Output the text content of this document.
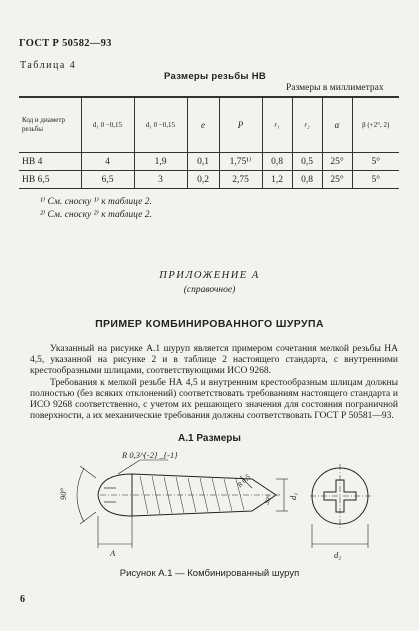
ГОСТ Р 50582—93
Таблица 4
Размеры резьбы НВ
Размеры в миллиметрах
Код и диаметр резьбы	d₁ 0 −0,15	d₁ 0 −0,15	e	P	r₁	r₂	α	β (+2°, 2)
НВ 4	4	1,9	0,1	1,75¹⁾	0,8	0,5	25°	5°
НВ 6,5	6,5	3	0,2	2,75	1,2	0,8	25°	5°
¹⁾ См. сноску ¹⁾ к таблице 2.
²⁾ См. сноску ²⁾ к таблице 2.
ПРИЛОЖЕНИЕ А
(справочное)
ПРИМЕР КОМБИНИРОВАННОГО ШУРУПА
Указанный на рисунке А.1 шуруп является примером сочетания мелкой резьбы НА 4,5, указанной на рисунке 2 и в таблице 2 настоящего стандарта, с внутренними крестообразными шлицами, соответствующими ИСО 9268.
Требования к мелкой резьбе НА 4,5 и внутренним крестообразным шлицам должны полностью (без всяких отклонений) соответствовать требованиям настоящего стандарта и ИСО 9268 соответственно, с учетом их решающего значения для состояния пограничной поверхности, а их механические требования должны соответствовать ГОСТ Р 50581—93.
А.1 Размеры
R 0,3^{-2} _{-1}
90°
A
R 0,5
30° d₁
d₂
Рисунок А.1 — Комбинированный шуруп
6
